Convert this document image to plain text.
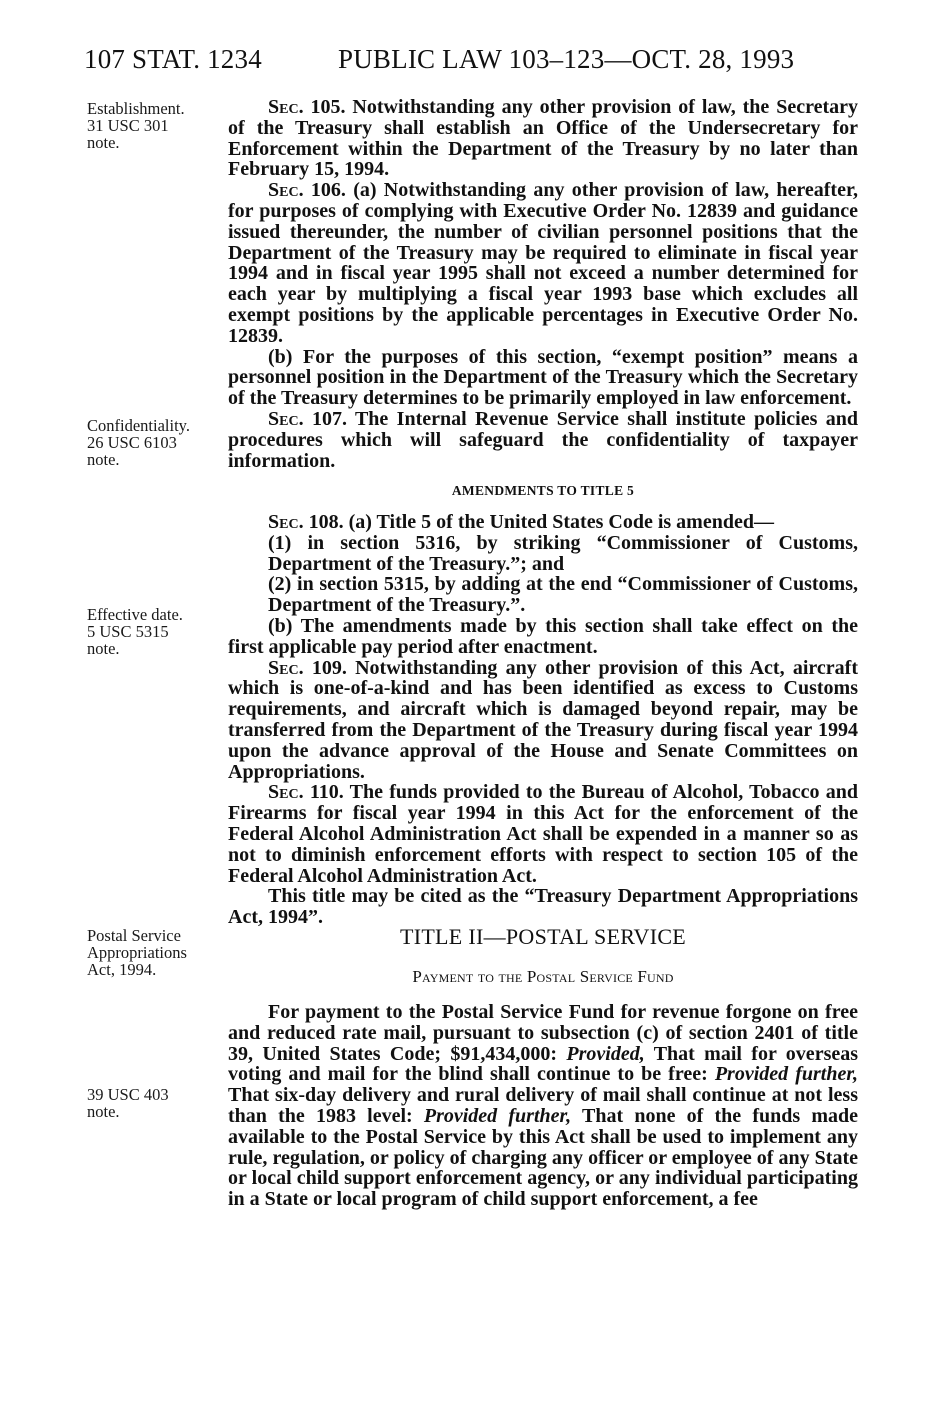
107 STAT. 1234	PUBLIC LAW 103–123—OCT. 28, 1993
Establishment.
31 USC 301
note.
Confidentiality.
26 USC 6103
note.
Effective date.
5 USC 5315
note.
Postal Service
Appropriations
Act, 1994.
39 USC 403
note.

Sec. 105. Notwithstanding any other provision of law, the Secretary of the Treasury shall establish an Office of the Undersecretary for Enforcement within the Department of the Treasury by no later than February 15, 1994.

Sec. 106. (a) Notwithstanding any other provision of law, hereafter, for purposes of complying with Executive Order No. 12839 and guidance issued thereunder, the number of civilian personnel positions that the Department of the Treasury may be required to eliminate in fiscal year 1994 and in fiscal year 1995 shall not exceed a number determined for each year by multiplying a fiscal year 1993 base which excludes all exempt positions by the applicable percentages in Executive Order No. 12839.

(b) For the purposes of this section, “exempt position” means a personnel position in the Department of the Treasury which the Secretary of the Treasury determines to be primarily employed in law enforcement.

Sec. 107. The Internal Revenue Service shall institute policies and procedures which will safeguard the confidentiality of taxpayer information.

AMENDMENTS TO TITLE 5

Sec. 108. (a) Title 5 of the United States Code is amended—

(1) in section 5316, by striking “Commissioner of Customs, Department of the Treasury.”; and

(2) in section 5315, by adding at the end “Commissioner of Customs, Department of the Treasury.”.

(b) The amendments made by this section shall take effect on the first applicable pay period after enactment.

Sec. 109. Notwithstanding any other provision of this Act, aircraft which is one-of-a-kind and has been identified as excess to Customs requirements, and aircraft which is damaged beyond repair, may be transferred from the Department of the Treasury during fiscal year 1994 upon the advance approval of the House and Senate Committees on Appropriations.

Sec. 110. The funds provided to the Bureau of Alcohol, Tobacco and Firearms for fiscal year 1994 in this Act for the enforcement of the Federal Alcohol Administration Act shall be expended in a manner so as not to diminish enforcement efforts with respect to section 105 of the Federal Alcohol Administration Act.

This title may be cited as the “Treasury Department Appropriations Act, 1994”.

TITLE II—POSTAL SERVICE
Payment to the Postal Service Fund

For payment to the Postal Service Fund for revenue forgone on free and reduced rate mail, pursuant to subsection (c) of section 2401 of title 39, United States Code; $91,434,000: Provided, That mail for overseas voting and mail for the blind shall continue to be free: Provided further, That six-day delivery and rural delivery of mail shall continue at not less than the 1983 level: Provided further, That none of the funds made available to the Postal Service by this Act shall be used to implement any rule, regulation, or policy of charging any officer or employee of any State or local child support enforcement agency, or any individual participating in a State or local program of child support enforcement, a fee
